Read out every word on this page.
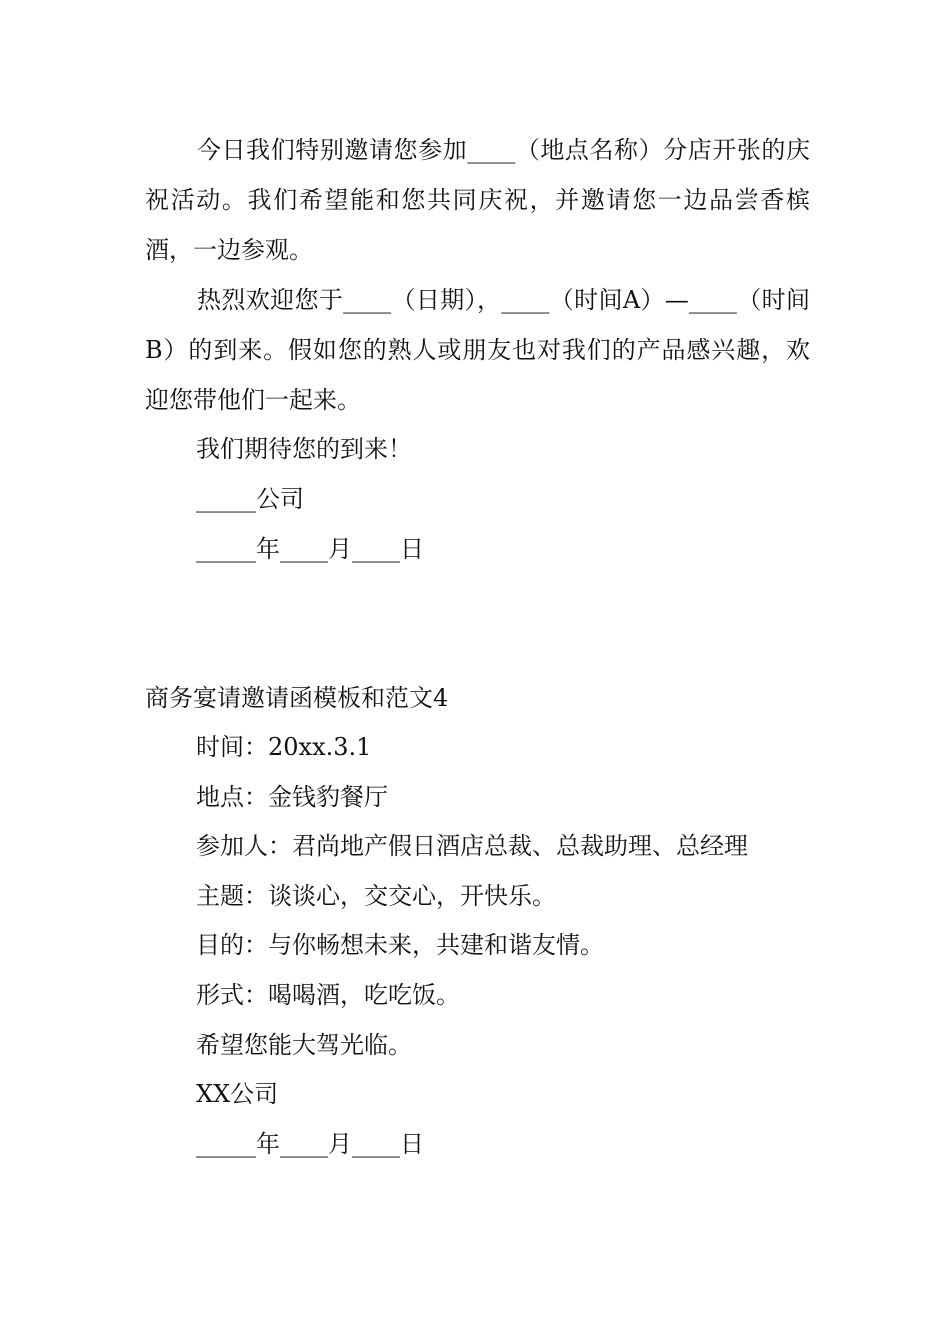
今日我们特别邀请您参加____（地点名称）分店开张的庆祝活动。我们希望能和您共同庆祝，并邀请您一边品尝香槟酒，一边参观。

热烈欢迎您于____（日期），____（时间A）—____（时间B）的到来。假如您的熟人或朋友也对我们的产品感兴趣，欢迎您带他们一起来。

我们期待您的到来！

_____公司

_____年____月____日

商务宴请邀请函模板和范文4

时间：20xx.3.1

地点：金钱豹餐厅

参加人：君尚地产假日酒店总裁、总裁助理、总经理

主题：谈谈心，交交心，开快乐。

目的：与你畅想未来，共建和谐友情。

形式：喝喝酒，吃吃饭。

希望您能大驾光临。

XX公司

_____年____月____日
